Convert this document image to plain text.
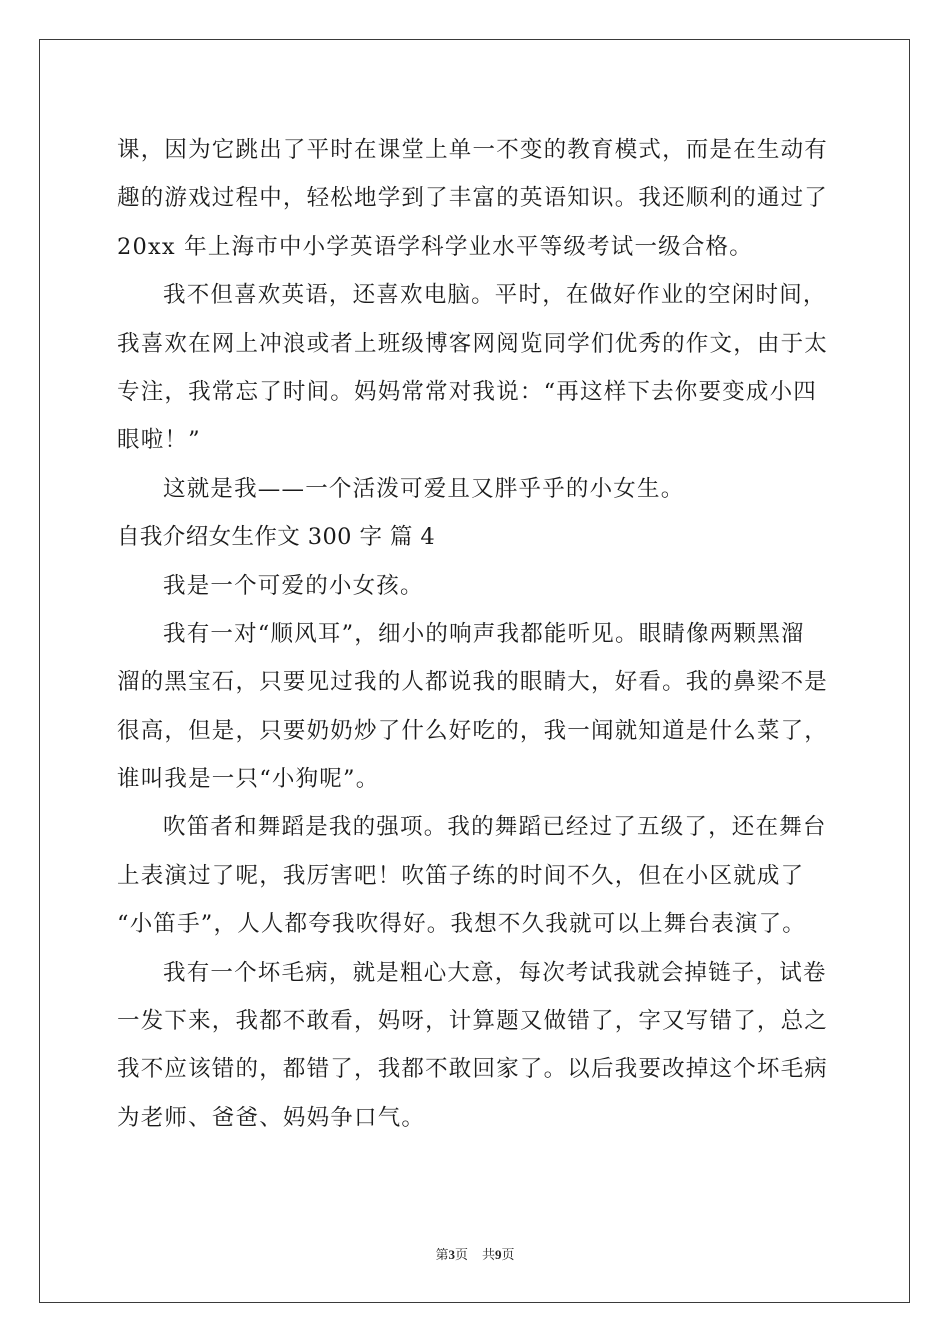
课，因为它跳出了平时在课堂上单一不变的教育模式，而是在生动有
趣的游戏过程中，轻松地学到了丰富的英语知识。我还顺利的通过了
20xx 年上海市中小学英语学科学业水平等级考试一级合格。
我不但喜欢英语，还喜欢电脑。平时，在做好作业的空闲时间，
我喜欢在网上冲浪或者上班级博客网阅览同学们优秀的作文，由于太
专注，我常忘了时间。妈妈常常对我说：“再这样下去你要变成小四
眼啦！”
这就是我——一个活泼可爱且又胖乎乎的小女生。
自我介绍女生作文 300 字 篇 4
我是一个可爱的小女孩。
我有一对“顺风耳”，细小的响声我都能听见。眼睛像两颗黑溜
溜的黑宝石，只要见过我的人都说我的眼睛大，好看。我的鼻梁不是
很高，但是，只要奶奶炒了什么好吃的，我一闻就知道是什么菜了，
谁叫我是一只“小狗呢”。
吹笛者和舞蹈是我的强项。我的舞蹈已经过了五级了，还在舞台
上表演过了呢，我厉害吧！吹笛子练的时间不久，但在小区就成了
“小笛手”，人人都夸我吹得好。我想不久我就可以上舞台表演了。
我有一个坏毛病，就是粗心大意，每次考试我就会掉链子，试卷
一发下来，我都不敢看，妈呀，计算题又做错了，字又写错了，总之
我不应该错的，都错了，我都不敢回家了。以后我要改掉这个坏毛病
为老师、爸爸、妈妈争口气。
第3页 共9页
